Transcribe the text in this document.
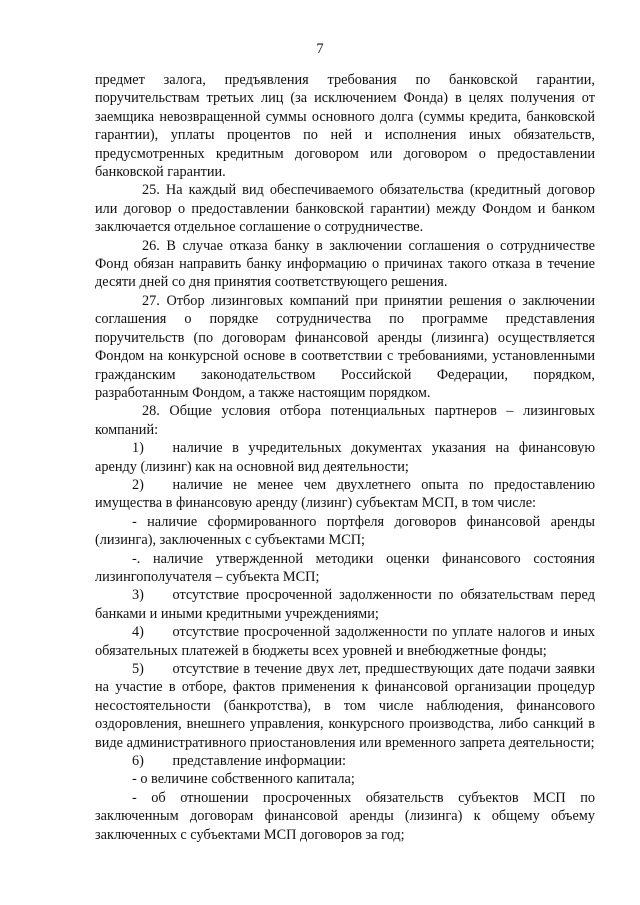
7

предмет залога, предъявления требования по банковской гарантии, поручительствам третьих лиц (за исключением Фонда) в целях получения от заемщика невозвращенной суммы основного долга (суммы кредита, банковской гарантии), уплаты процентов по ней и исполнения иных обязательств, предусмотренных кредитным договором или договором о предоставлении банковской гарантии.

25. На каждый вид обеспечиваемого обязательства (кредитный договор или договор о предоставлении банковской гарантии) между Фондом и банком заключается отдельное соглашение о сотрудничестве.

26. В случае отказа банку в заключении соглашения о сотрудничестве Фонд обязан направить банку информацию о причинах такого отказа в течение десяти дней со дня принятия соответствующего решения.

27. Отбор лизинговых компаний при принятии решения о заключении соглашения о порядке сотрудничества по программе представления поручительств (по договорам финансовой аренды (лизинга) осуществляется Фондом на конкурсной основе в соответствии с требованиями, установленными гражданским законодательством Российской Федерации, порядком, разработанным Фондом, а также настоящим порядком.

28. Общие условия отбора потенциальных партнеров – лизинговых компаний:

1)  наличие в учредительных документах указания на финансовую аренду (лизинг) как на основной вид деятельности;

2)  наличие не менее чем двухлетнего опыта по предоставлению имущества в финансовую аренду (лизинг) субъектам МСП, в том числе:

- наличие сформированного портфеля договоров финансовой аренды (лизинга), заключенных с субъектами МСП;

-. наличие утвержденной методики оценки финансового состояния лизингополучателя – субъекта МСП;

3)  отсутствие просроченной задолженности по обязательствам перед банками и иными кредитными учреждениями;

4)  отсутствие просроченной задолженности по уплате налогов и иных обязательных платежей в бюджеты всех уровней и внебюджетные фонды;

5)  отсутствие в течение двух лет, предшествующих дате подачи заявки на участие в отборе, фактов применения к финансовой организации процедур несостоятельности (банкротства), в том числе наблюдения, финансового оздоровления, внешнего управления, конкурсного производства, либо санкций в виде административного приостановления или временного запрета деятельности;

6)  представление информации:

- о величине собственного капитала;

- об отношении просроченных обязательств субъектов МСП по заключенным договорам финансовой аренды (лизинга) к общему объему заключенных с субъектами МСП договоров за год;
